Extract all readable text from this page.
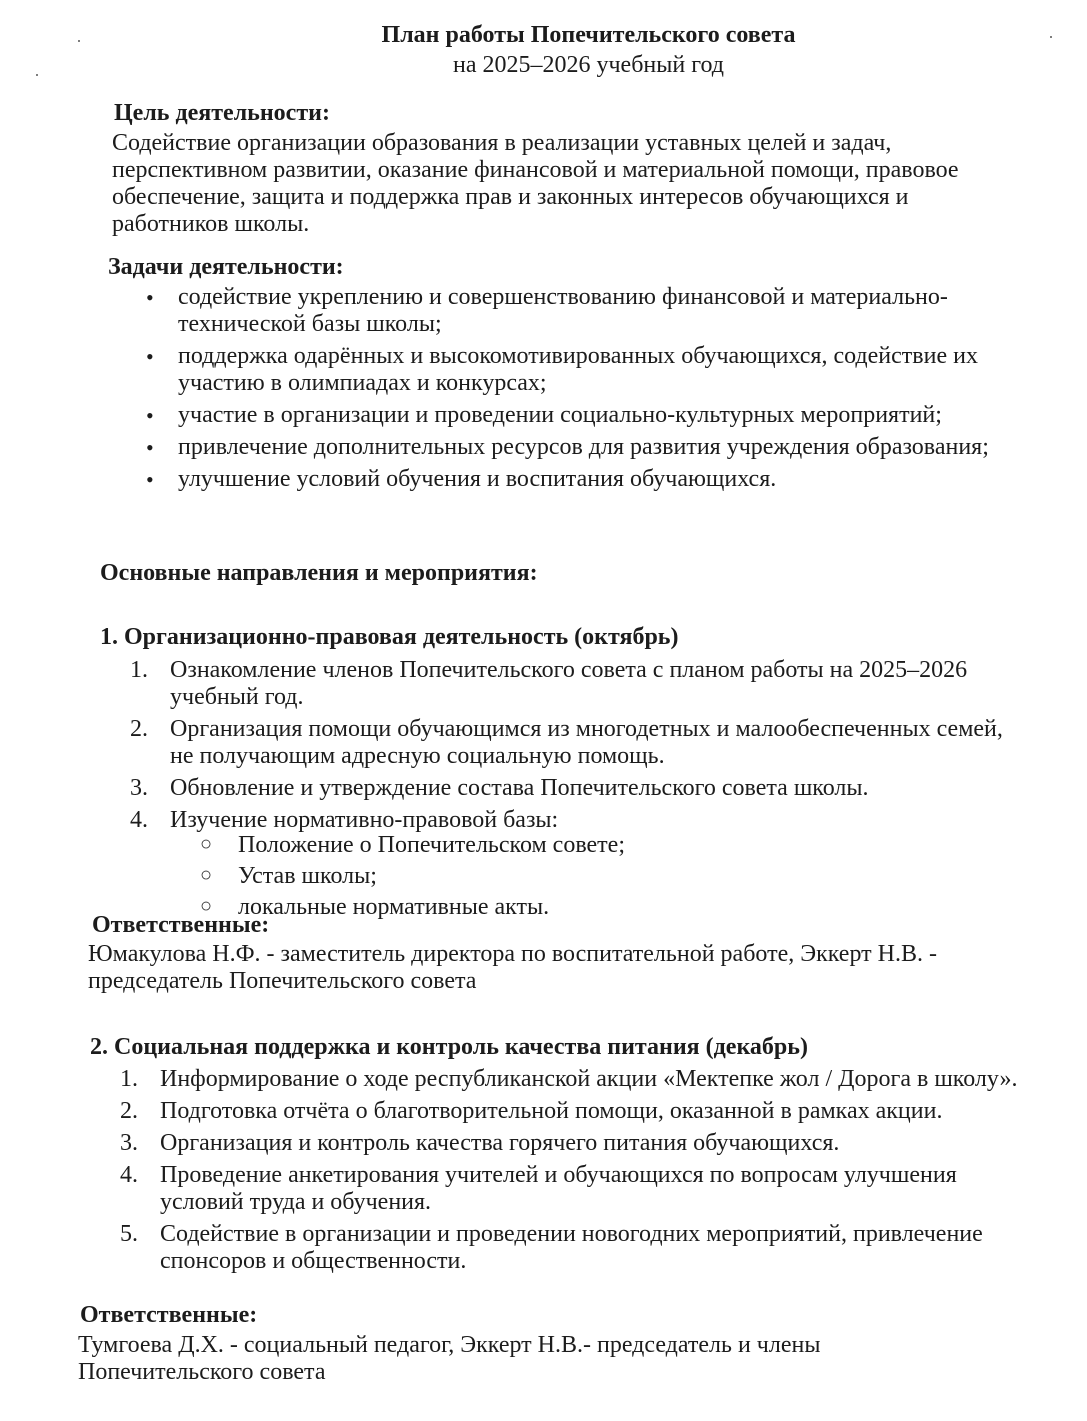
План работы Попечительского совета
на 2025–2026 учебный год
Цель деятельности:
Содействие организации образования в реализации уставных целей и задач,
перспективном развитии, оказание финансовой и материальной помощи, правовое
обеспечение, защита и поддержка прав и законных интересов обучающихся и
работников школы.
Задачи деятельности:
• содействие укреплению и совершенствованию финансовой и материально-технической базы школы;
• поддержка одарённых и высокомотивированных обучающихся, содействие их участию в олимпиадах и конкурсах;
• участие в организации и проведении социально-культурных мероприятий;
• привлечение дополнительных ресурсов для развития учреждения образования;
• улучшение условий обучения и воспитания обучающихся.
Основные направления и мероприятия:
1. Организационно-правовая деятельность (октябрь)
1. Ознакомление членов Попечительского совета с планом работы на 2025–2026 учебный год.
2. Организация помощи обучающимся из многодетных и малообеспеченных семей, не получающим адресную социальную помощь.
3. Обновление и утверждение состава Попечительского совета школы.
4. Изучение нормативно-правовой базы:
○ Положение о Попечительском совете;
○ Устав школы;
○ локальные нормативные акты.
Ответственные:
Юмакулова Н.Ф. - заместитель директора по воспитательной работе, Эккерт Н.В. -
председатель Попечительского совета
2. Социальная поддержка и контроль качества питания (декабрь)
1. Информирование о ходе республиканской акции «Мектепке жол / Дорога в школу».
2. Подготовка отчёта о благотворительной помощи, оказанной в рамках акции.
3. Организация и контроль качества горячего питания обучающихся.
4. Проведение анкетирования учителей и обучающихся по вопросам улучшения условий труда и обучения.
5. Содействие в организации и проведении новогодних мероприятий, привлечение спонсоров и общественности.
Ответственные:
Тумгоева Д.Х. - социальный педагог, Эккерт Н.В.- председатель и члены
Попечительского совета
